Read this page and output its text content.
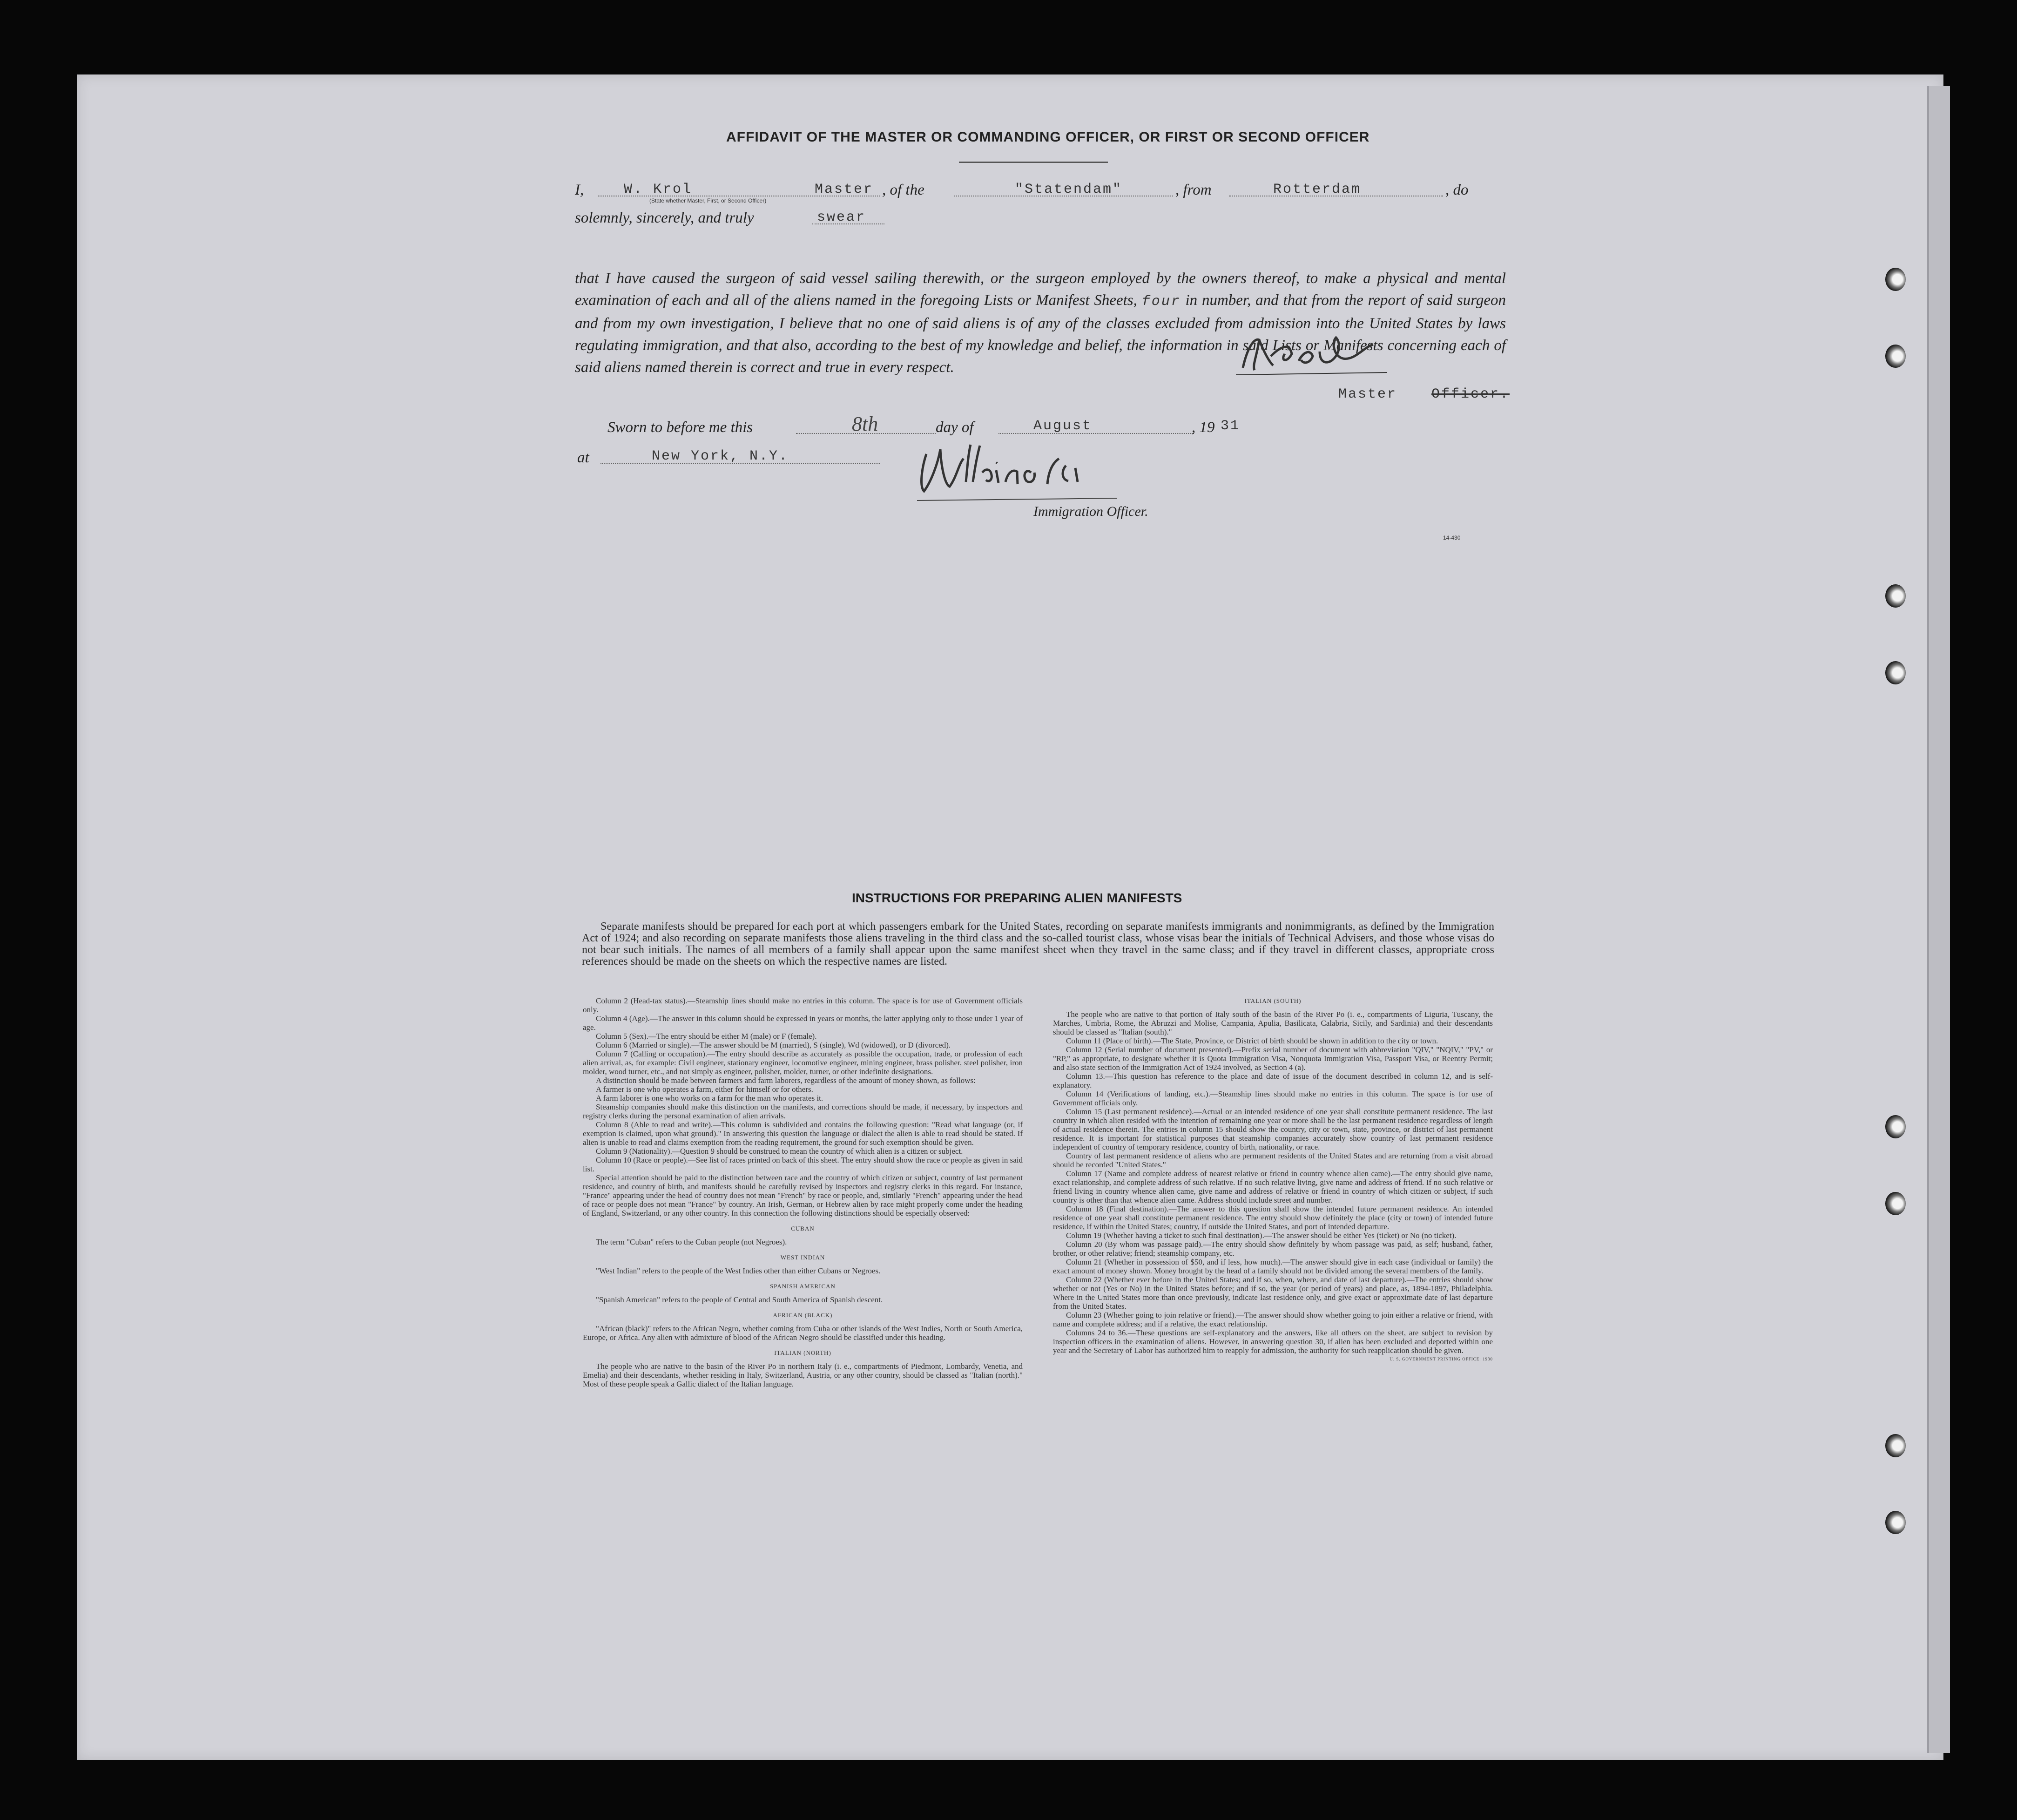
AFFIDAVIT OF THE MASTER OR COMMANDING OFFICER, OR FIRST OR SECOND OFFICER
I,	W. Krol	Master
(State whether Master, First, or Second Officer)
, of the	"Statendam"	, from	Rotterdam	, do
solemnly, sincerely, and truly	swear
that I have caused the surgeon of said vessel sailing therewith, or the surgeon employed by the owners thereof, to make a physical and mental examination of each and all of the aliens named in the foregoing Lists or Manifest Sheets, four in number, and that from the report of said surgeon and from my own investigation, I believe that no one of said aliens is of any of the classes excluded from admission into the United States by laws regulating immigration, and that also, according to the best of my knowledge and belief, the information in said Lists or Manifests concerning each of said aliens named therein is correct and true in every respect.
Master Officer.
Sworn to before me this	8th	day of	August	, 19 31
at	New York, N.Y.
Immigration Officer.
14-430
INSTRUCTIONS FOR PREPARING ALIEN MANIFESTS
Separate manifests should be prepared for each port at which passengers embark for the United States, recording on separate manifests immigrants and nonimmigrants, as defined by the Immigration Act of 1924; and also recording on separate manifests those aliens traveling in the third class and the so-called tourist class, whose visas bear the initials of Technical Advisers, and those whose visas do not bear such initials. The names of all members of a family shall appear upon the same manifest sheet when they travel in the same class; and if they travel in different classes, appropriate cross references should be made on the sheets on which the respective names are listed.

Column 2 (Head-tax status).—Steamship lines should make no entries in this column. The space is for use of Government officials only.

Column 4 (Age).—The answer in this column should be expressed in years or months, the latter applying only to those under 1 year of age.

Column 5 (Sex).—The entry should be either M (male) or F (female).

Column 6 (Married or single).—The answer should be M (married), S (single), Wd (widowed), or D (divorced).

Column 7 (Calling or occupation).—The entry should describe as accurately as possible the occupation, trade, or profession of each alien arrival, as, for example: Civil engineer, stationary engineer, locomotive engineer, mining engineer, brass polisher, steel polisher, iron molder, wood turner, etc., and not simply as engineer, polisher, molder, turner, or other indefinite designations.

A distinction should be made between farmers and farm laborers, regardless of the amount of money shown, as follows:

A farmer is one who operates a farm, either for himself or for others.

A farm laborer is one who works on a farm for the man who operates it.

Steamship companies should make this distinction on the manifests, and corrections should be made, if necessary, by inspectors and registry clerks during the personal examination of alien arrivals.

Column 8 (Able to read and write).—This column is subdivided and contains the following question: "Read what language (or, if exemption is claimed, upon what ground)." In answering this question the language or dialect the alien is able to read should be stated. If alien is unable to read and claims exemption from the reading requirement, the ground for such exemption should be given.

Column 9 (Nationality).—Question 9 should be construed to mean the country of which alien is a citizen or subject.

Column 10 (Race or people).—See list of races printed on back of this sheet. The entry should show the race or people as given in said list.

Special attention should be paid to the distinction between race and the country of which citizen or subject, country of last permanent residence, and country of birth, and manifests should be carefully revised by inspectors and registry clerks in this regard. For instance, "France" appearing under the head of country does not mean "French" by race or people, and, similarly "French" appearing under the head of race or people does not mean "France" by country. An Irish, German, or Hebrew alien by race might properly come under the heading of England, Switzerland, or any other country. In this connection the following distinctions should be especially observed:

CUBAN

The term "Cuban" refers to the Cuban people (not Negroes).

WEST INDIAN

"West Indian" refers to the people of the West Indies other than either Cubans or Negroes.

SPANISH AMERICAN

"Spanish American" refers to the people of Central and South America of Spanish descent.

AFRICAN (BLACK)

"African (black)" refers to the African Negro, whether coming from Cuba or other islands of the West Indies, North or South America, Europe, or Africa. Any alien with admixture of blood of the African Negro should be classified under this heading.

ITALIAN (NORTH)

The people who are native to the basin of the River Po in northern Italy (i. e., compartments of Piedmont, Lombardy, Venetia, and Emelia) and their descendants, whether residing in Italy, Switzerland, Austria, or any other country, should be classed as "Italian (north)." Most of these people speak a Gallic dialect of the Italian language.

ITALIAN (SOUTH)

The people who are native to that portion of Italy south of the basin of the River Po (i. e., compartments of Liguria, Tuscany, the Marches, Umbria, Rome, the Abruzzi and Molise, Campania, Apulia, Basilicata, Calabria, Sicily, and Sardinia) and their descendants should be classed as "Italian (south)."

Column 11 (Place of birth).—The State, Province, or District of birth should be shown in addition to the city or town.

Column 12 (Serial number of document presented).—Prefix serial number of document with abbreviation "QIV," "NQIV," "PV," or "RP," as appropriate, to designate whether it is Quota Immigration Visa, Nonquota Immigration Visa, Passport Visa, or Reentry Permit; and also state section of the Immigration Act of 1924 involved, as Section 4 (a).

Column 13.—This question has reference to the place and date of issue of the document described in column 12, and is self-explanatory.

Column 14 (Verifications of landing, etc.).—Steamship lines should make no entries in this column. The space is for use of Government officials only.

Column 15 (Last permanent residence).—Actual or an intended residence of one year shall constitute permanent residence. The last country in which alien resided with the intention of remaining one year or more shall be the last permanent residence regardless of length of actual residence therein. The entries in column 15 should show the country, city or town, state, province, or district of last permanent residence. It is important for statistical purposes that steamship companies accurately show country of last permanent residence independent of country of temporary residence, country of birth, nationality, or race.

Country of last permanent residence of aliens who are permanent residents of the United States and are returning from a visit abroad should be recorded "United States."

Column 17 (Name and complete address of nearest relative or friend in country whence alien came).—The entry should give name, exact relationship, and complete address of such relative. If no such relative living, give name and address of friend. If no such relative or friend living in country whence alien came, give name and address of relative or friend in country of which citizen or subject, if such country is other than that whence alien came. Address should include street and number.

Column 18 (Final destination).—The answer to this question shall show the intended future permanent residence. An intended residence of one year shall constitute permanent residence. The entry should show definitely the place (city or town) of intended future residence, if within the United States; country, if outside the United States, and port of intended departure.

Column 19 (Whether having a ticket to such final destination).—The answer should be either Yes (ticket) or No (no ticket).

Column 20 (By whom was passage paid).—The entry should show definitely by whom passage was paid, as self; husband, father, brother, or other relative; friend; steamship company, etc.

Column 21 (Whether in possession of $50, and if less, how much).—The answer should give in each case (individual or family) the exact amount of money shown. Money brought by the head of a family should not be divided among the several members of the family.

Column 22 (Whether ever before in the United States; and if so, when, where, and date of last departure).—The entries should show whether or not (Yes or No) in the United States before; and if so, the year (or period of years) and place, as, 1894-1897, Philadelphia. Where in the United States more than once previously, indicate last residence only, and give exact or approximate date of last departure from the United States.

Column 23 (Whether going to join relative or friend).—The answer should show whether going to join either a relative or friend, with name and complete address; and if a relative, the exact relationship.

Columns 24 to 36.—These questions are self-explanatory and the answers, like all others on the sheet, are subject to revision by inspection officers in the examination of aliens. However, in answering question 30, if alien has been excluded and deported within one year and the Secretary of Labor has authorized him to reapply for admission, the authority for such reapplication should be given.

U. S. GOVERNMENT PRINTING OFFICE: 1930
